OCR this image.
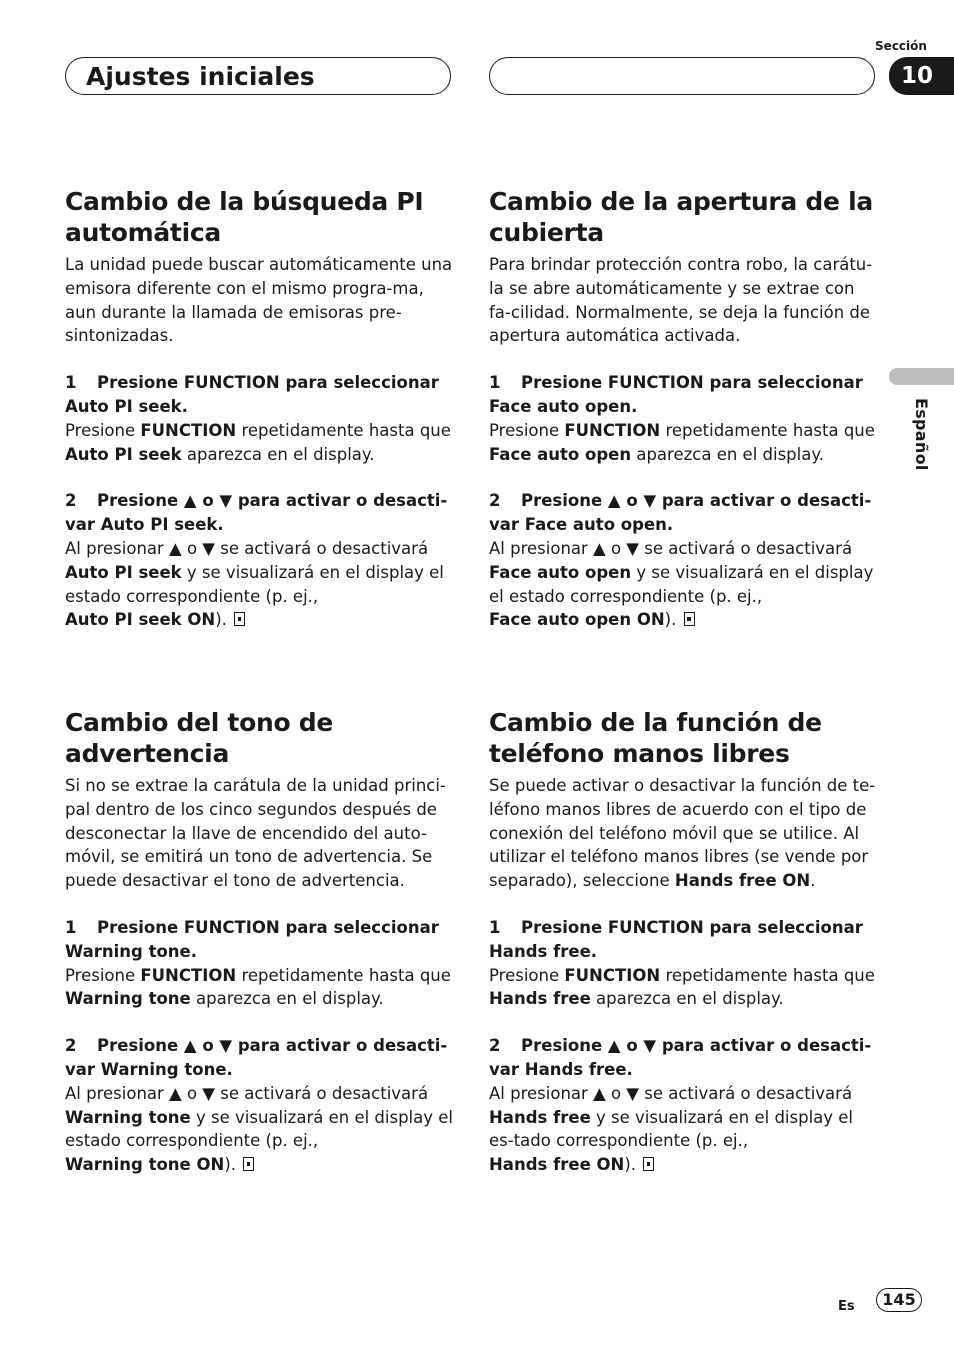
Ajustes iniciales
Sección
10
Español
Cambio de la búsqueda PI automática

La unidad puede buscar automáticamente una emisora diferente con el mismo progra-ma, aun durante la llamada de emisoras pre-sintonizadas.

1 Presione FUNCTION para seleccionar Auto PI seek.

Presione FUNCTION repetidamente hasta que Auto PI seek aparezca en el display.

2 Presione ▲ o ▼ para activar o desacti-var Auto PI seek.

Al presionar ▲ o ▼ se activará o desactivará Auto PI seek y se visualizará en el display el estado correspondiente (p. ej.,
Auto PI seek ON).

Cambio de la apertura de la cubierta

Para brindar protección contra robo, la carátu-la se abre automáticamente y se extrae con fa-cilidad. Normalmente, se deja la función de apertura automática activada.

1 Presione FUNCTION para seleccionar Face auto open.

Presione FUNCTION repetidamente hasta que Face auto open aparezca en el display.

2 Presione ▲ o ▼ para activar o desacti-var Face auto open.

Al presionar ▲ o ▼ se activará o desactivará Face auto open y se visualizará en el display el estado correspondiente (p. ej.,
Face auto open ON).

Cambio del tono de advertencia

Si no se extrae la carátula de la unidad princi-pal dentro de los cinco segundos después de desconectar la llave de encendido del auto-móvil, se emitirá un tono de advertencia. Se puede desactivar el tono de advertencia.

1 Presione FUNCTION para seleccionar Warning tone.

Presione FUNCTION repetidamente hasta que Warning tone aparezca en el display.

2 Presione ▲ o ▼ para activar o desacti-var Warning tone.

Al presionar ▲ o ▼ se activará o desactivará Warning tone y se visualizará en el display el estado correspondiente (p. ej.,
Warning tone ON).

Cambio de la función de teléfono manos libres

Se puede activar o desactivar la función de te-léfono manos libres de acuerdo con el tipo de conexión del teléfono móvil que se utilice. Al utilizar el teléfono manos libres (se vende por separado), seleccione Hands free ON.

1 Presione FUNCTION para seleccionar Hands free.

Presione FUNCTION repetidamente hasta que Hands free aparezca en el display.

2 Presione ▲ o ▼ para activar o desacti-var Hands free.

Al presionar ▲ o ▼ se activará o desactivará Hands free y se visualizará en el display el es-tado correspondiente (p. ej.,
Hands free ON).

Es	145
